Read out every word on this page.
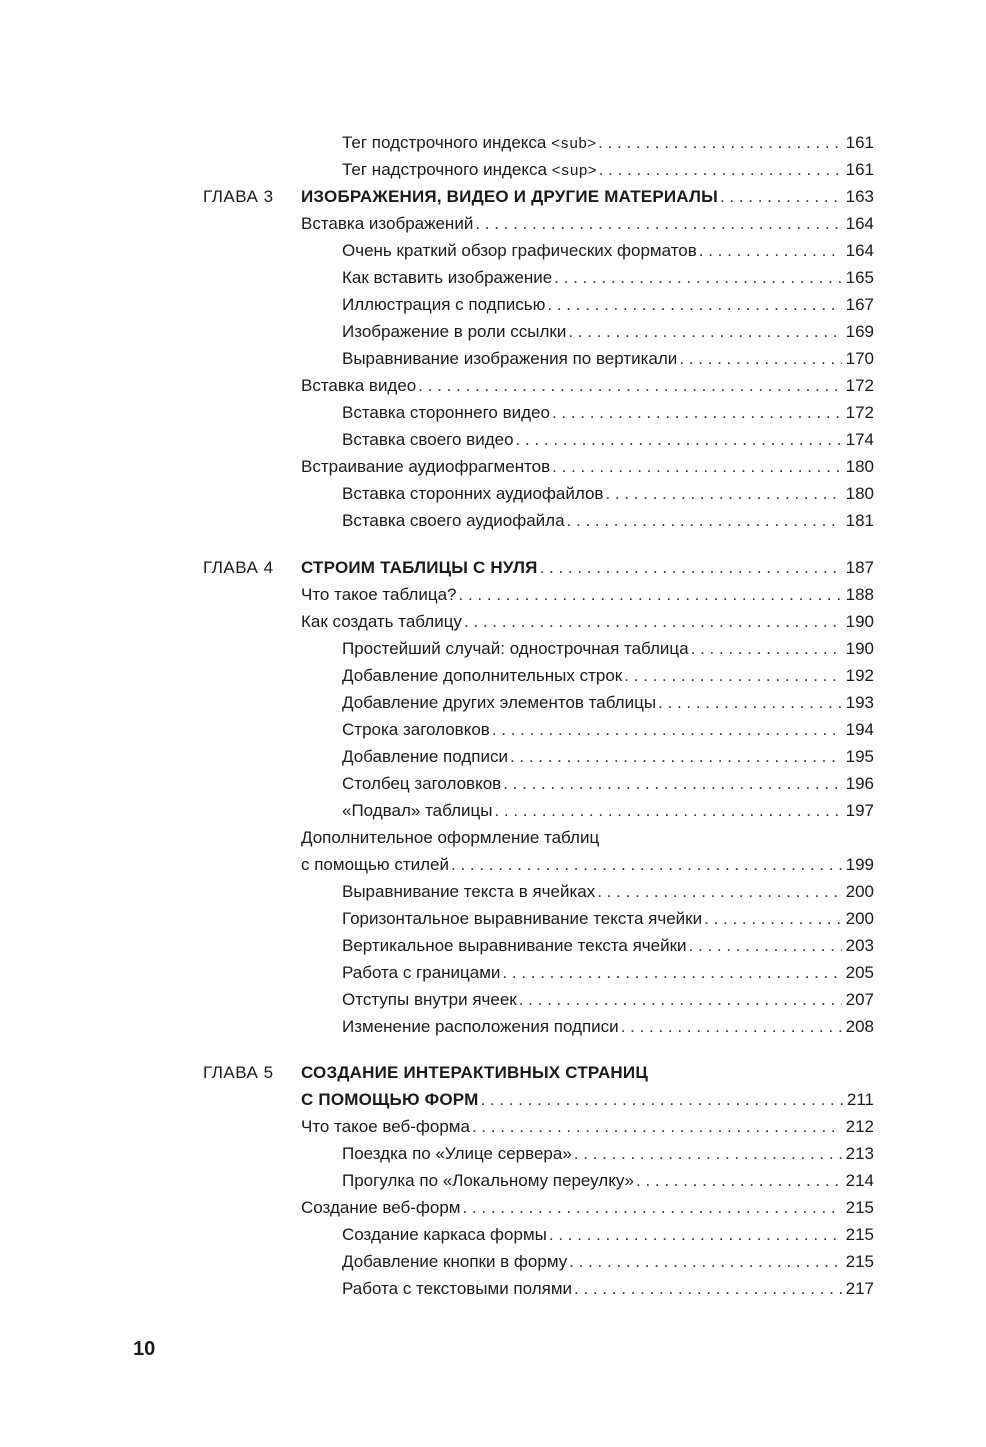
Тег подстрочного индекса <sub> . . .	161
Тег надстрочного индекса <sup> . . .	161
ГЛАВА 3 ИЗОБРАЖЕНИЯ, ВИДЕО И ДРУГИЕ МАТЕРИАЛЫ . . .	163
Вставка изображений . . .	164
Очень краткий обзор графических форматов . . .	164
Как вставить изображение . . .	165
Иллюстрация с подписью . . .	167
Изображение в роли ссылки . . .	169
Выравнивание изображения по вертикали . . .	170
Вставка видео . . .	172
Вставка стороннего видео . . .	172
Вставка своего видео . . .	174
Встраивание аудиофрагментов . . .	180
Вставка сторонних аудиофайлов . . .	180
Вставка своего аудиофайла . . .	181
ГЛАВА 4 СТРОИМ ТАБЛИЦЫ С НУЛЯ . . .	187
Что такое таблица? . . .	188
Как создать таблицу . . .	190
Простейший случай: однострочная таблица . . .	190
Добавление дополнительных строк . . .	192
Добавление других элементов таблицы . . .	193
Строка заголовков . . .	194
Добавление подписи . . .	195
Столбец заголовков . . .	196
«Подвал» таблицы . . .	197
Дополнительное оформление таблиц
с помощью стилей . . .	199
Выравнивание текста в ячейках . . .	200
Горизонтальное выравнивание текста ячейки . . .	200
Вертикальное выравнивание текста ячейки . . .	203
Работа с границами . . .	205
Отступы внутри ячеек . . .	207
Изменение расположения подписи . . .	208
ГЛАВА 5 СОЗДАНИЕ ИНТЕРАКТИВНЫХ СТРАНИЦ
С ПОМОЩЬЮ ФОРМ . . .	211
Что такое веб-форма . . .	212
Поездка по «Улице сервера» . . .	213
Прогулка по «Локальному переулку» . . .	214
Создание веб-форм . . .	215
Создание каркаса формы . . .	215
Добавление кнопки в форму . . .	215
Работа с текстовыми полями . . .	217
10
